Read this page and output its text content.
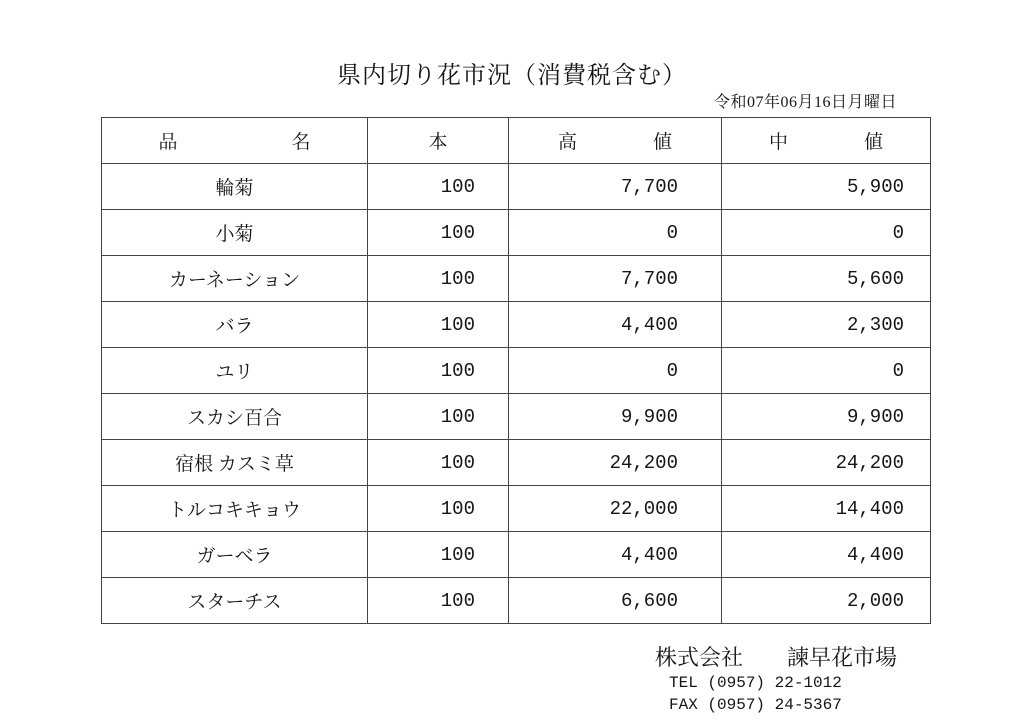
県内切り花市況（消費税含む）
令和07年06月16日月曜日
品　　　　　　名	本	高　　　　値	中　　　　値
輪菊	100	7,700	5,900
小菊	100	0	0
カーネーション	100	7,700	5,600
バラ	100	4,400	2,300
ユリ	100	0	0
スカシ百合	100	9,900	9,900
宿根 カスミ草	100	24,200	24,200
トルコキキョウ	100	22,000	14,400
ガーベラ	100	4,400	4,400
スターチス	100	6,600	2,000
株式会社　　諫早花市場
TEL (0957) 22-1012
FAX (0957) 24-5367
